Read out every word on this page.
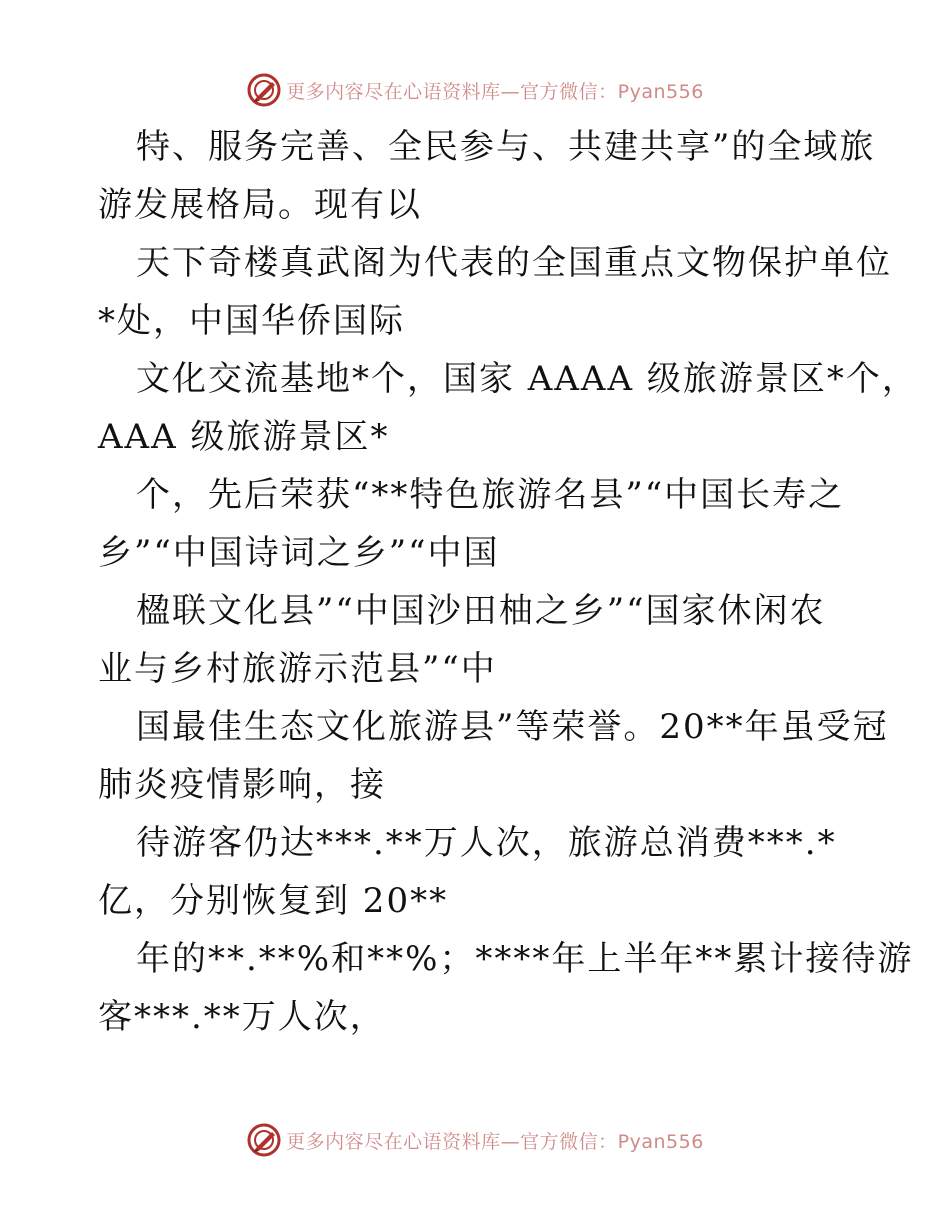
更多内容尽在心语资料库—官方微信：Pyan556
特、服务完善、全民参与、共建共享”的全域旅
游发展格局。现有以
天下奇楼真武阁为代表的全国重点文物保护单位
*处，中国华侨国际
文化交流基地*个，国家 AAAA 级旅游景区*个，
AAA 级旅游景区*
个，先后荣获“**特色旅游名县”“中国长寿之
乡”“中国诗词之乡”“中国
楹联文化县”“中国沙田柚之乡”“国家休闲农
业与乡村旅游示范县”“中
国最佳生态文化旅游县”等荣誉。20**年虽受冠
肺炎疫情影响，接
待游客仍达***.**万人次，旅游总消费***.*
亿，分别恢复到 20**
年的**.**%和**%；****年上半年**累计接待游
客***.**万人次，
更多内容尽在心语资料库—官方微信：Pyan556
